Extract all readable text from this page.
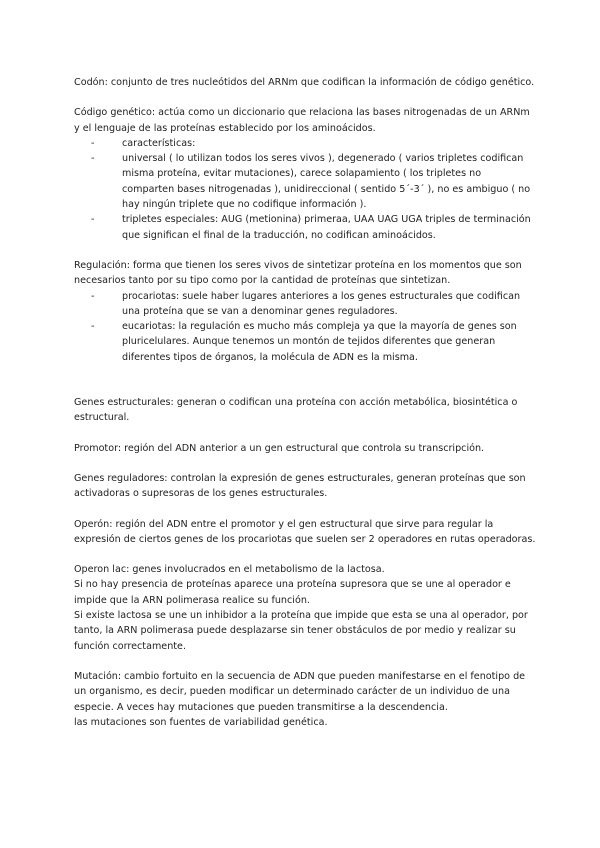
Codón: conjunto de tres nucleótidos del ARNm que codifican la información de código genético.

Código genético: actúa como un diccionario que relaciona las bases nitrogenadas de un ARNm y el lenguaje de las proteínas establecido por los aminoácidos.

- características:
- universal ( lo utilizan todos los seres vivos ), degenerado ( varios tripletes codifican misma proteína, evitar mutaciones), carece solapamiento ( los tripletes no comparten bases nitrogenadas ), unidireccional ( sentido 5´-3´ ), no es ambiguo ( no hay ningún triplete que no codifique información ).
- tripletes especiales: AUG (metionina) primeraa, UAA UAG UGA triples de terminación que significan el final de la traducción, no codifican aminoácidos.

Regulación: forma que tienen los seres vivos de sintetizar proteína en los momentos que son necesarios tanto por su tipo como por la cantidad de proteínas que sintetizan.

- procariotas: suele haber lugares anteriores a los genes estructurales que codifican una proteína que se van a denominar genes reguladores.
- eucariotas: la regulación es mucho más compleja ya que la mayoría de genes son pluricelulares. Aunque tenemos un montón de tejidos diferentes que generan diferentes tipos de órganos, la molécula de ADN es la misma.

Genes estructurales: generan o codifican una proteína con acción metabólica, biosintética o estructural.

Promotor: región del ADN anterior a un gen estructural que controla su transcripción.

Genes reguladores: controlan la expresión de genes estructurales, generan proteínas que son activadoras o supresoras de los genes estructurales.

Operón: región del ADN entre el promotor y el gen estructural que sirve para regular la expresión de ciertos genes de los procariotas que suelen ser 2 operadores en rutas operadoras.

Operon lac: genes involucrados en el metabolismo de la lactosa.

Si no hay presencia de proteínas aparece una proteína supresora que se une al operador e impide que la ARN polimerasa realice su función.

Si existe lactosa se une un inhibidor a la proteína que impide que esta se una al operador, por tanto, la ARN polimerasa puede desplazarse sin tener obstáculos de por medio y realizar su función correctamente.

Mutación: cambio fortuito en la secuencia de ADN que pueden manifestarse en el fenotipo de un organismo, es decir, pueden modificar un determinado carácter de un individuo de una especie. A veces hay mutaciones que pueden transmitirse a la descendencia.

las mutaciones son fuentes de variabilidad genética.
